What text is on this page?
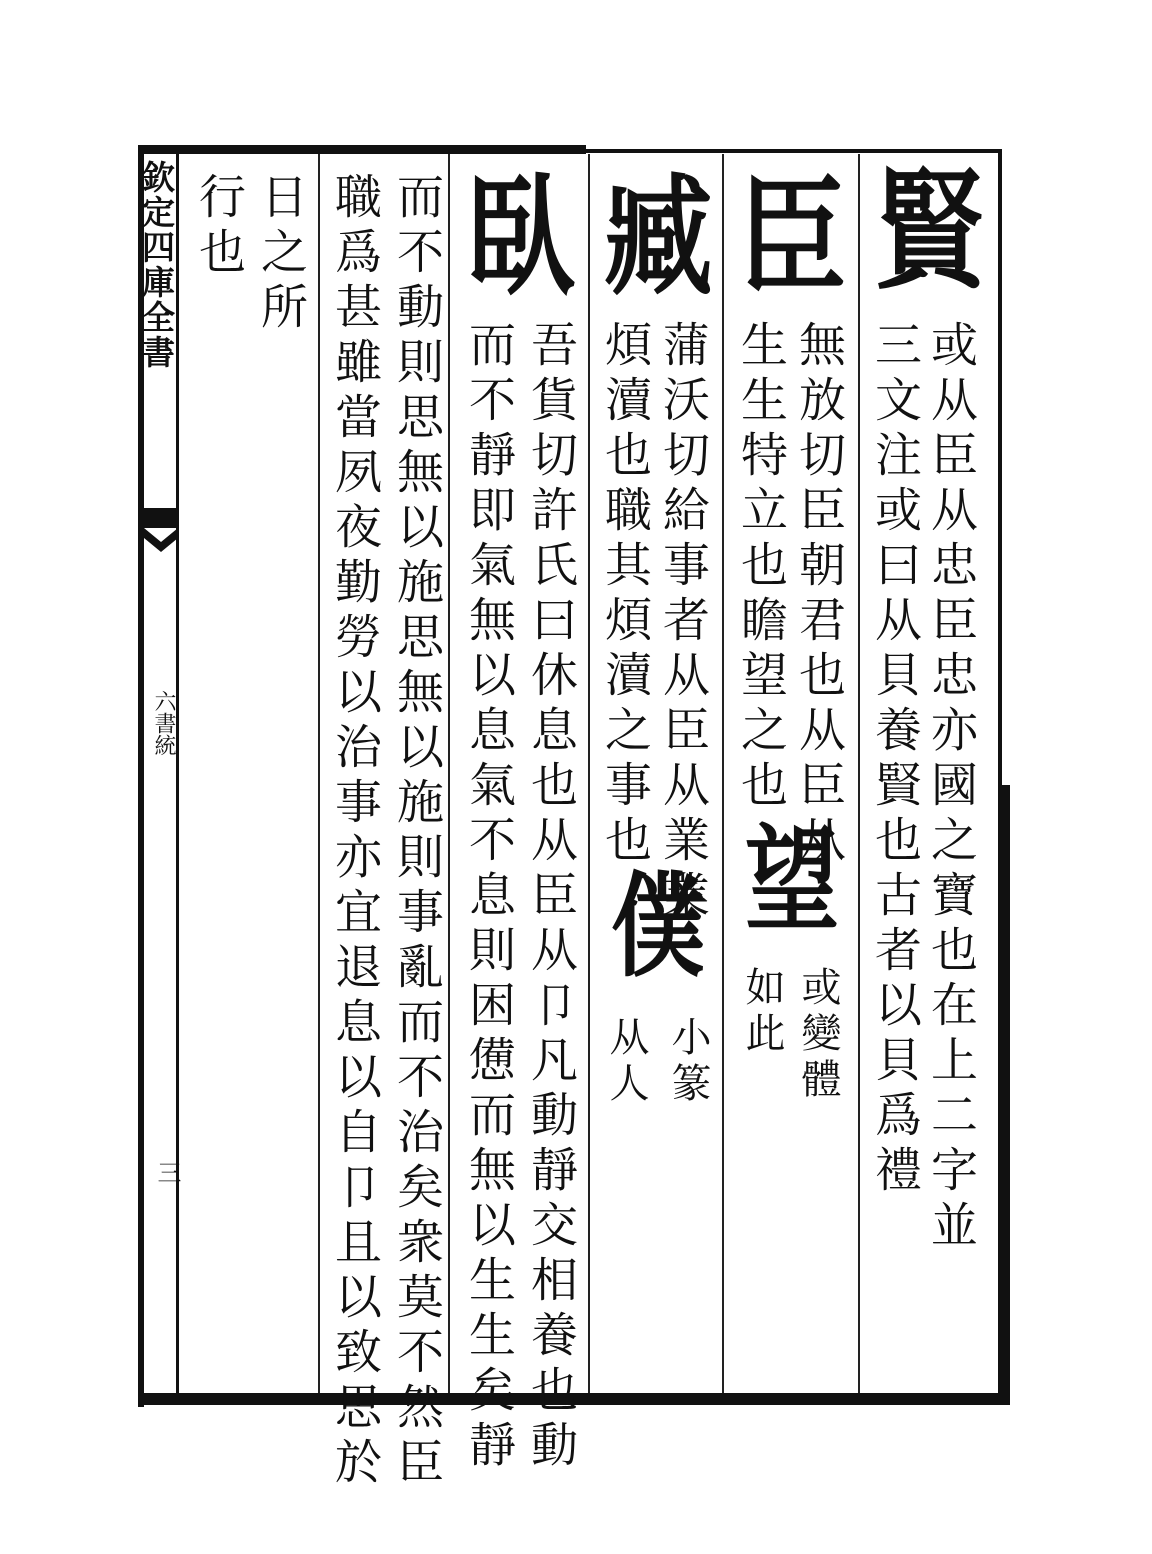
欽定四庫全書
六書統
三
賢
或从臣从忠臣忠亦國之寶也在上二字並
三文注或曰从貝養賢也古者以貝爲禮
臣
無放切臣朝君也从臣从
生生特立也瞻望之也
望
或變體
如此
臧
蒲沃切給事者从臣从業業
煩瀆也職其煩瀆之事也
僕
小篆
从人
臥
吾貨切許氏曰休息也从臣从卩凡動靜交相養也動
而不靜即氣無以息氣不息則困憊而無以生生矣靜
而不動則思無以施思無以施則事亂而不治矣衆莫不然臣
職爲甚雖當夙夜勤勞以治事亦宜退息以自卩且以致思於
日之所
行也
